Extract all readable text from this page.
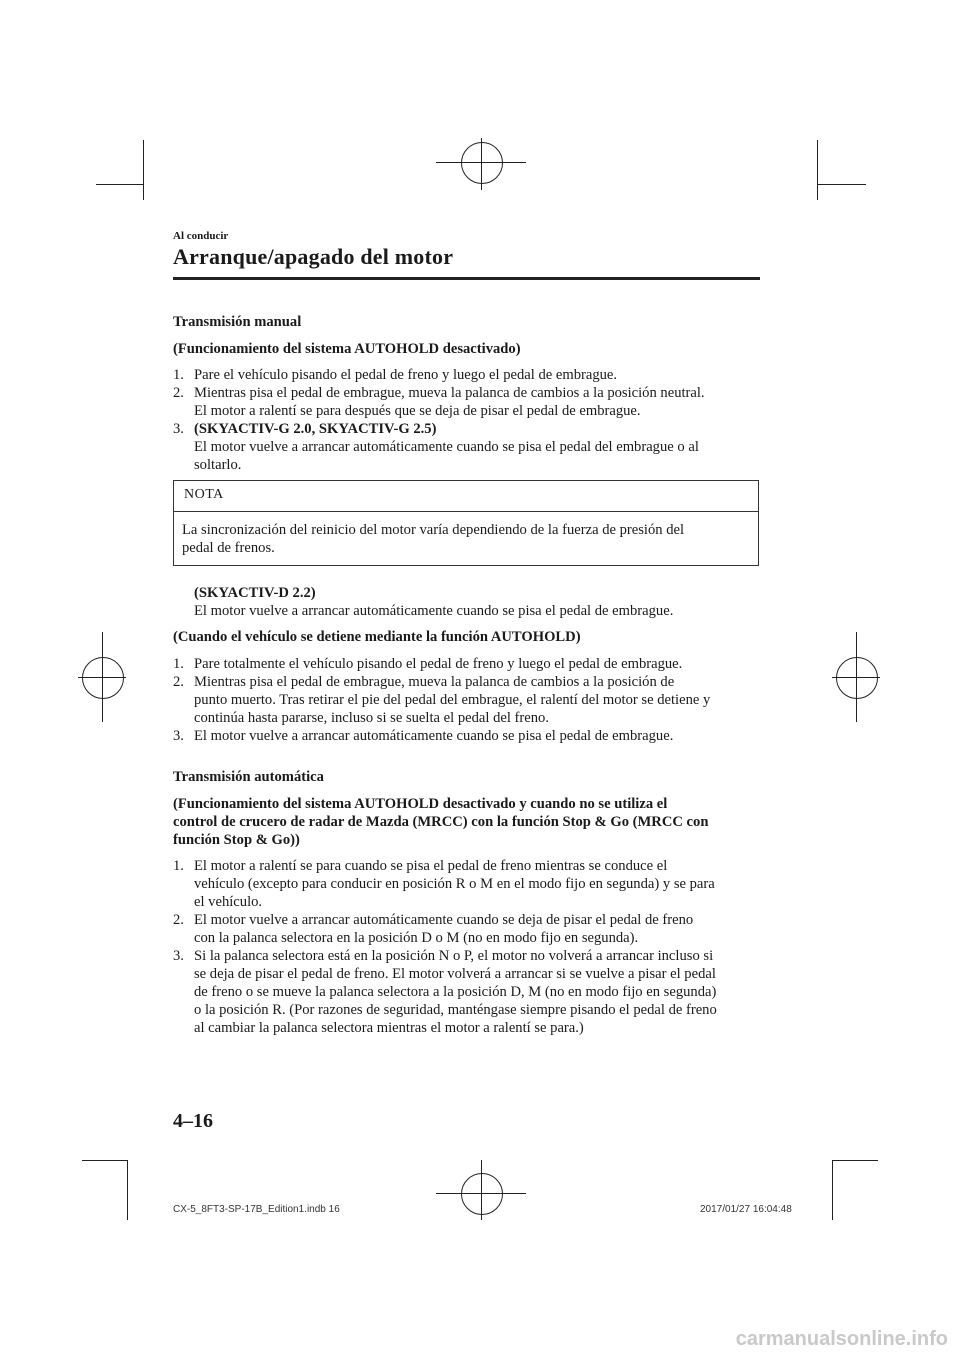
Al conducir
Arranque/apagado del motor
Transmisión manual
(Funcionamiento del sistema AUTOHOLD desactivado)
1. Pare el vehículo pisando el pedal de freno y luego el pedal de embrague.
2. Mientras pisa el pedal de embrague, mueva la palanca de cambios a la posición neutral.
El motor a ralentí se para después que se deja de pisar el pedal de embrague.
3. (SKYACTIV-G 2.0, SKYACTIV-G 2.5)
El motor vuelve a arrancar automáticamente cuando se pisa el pedal del embrague o al
soltarlo.
NOTA
La sincronización del reinicio del motor varía dependiendo de la fuerza de presión del
pedal de frenos.
(SKYACTIV-D 2.2)
El motor vuelve a arrancar automáticamente cuando se pisa el pedal de embrague.
(Cuando el vehículo se detiene mediante la función AUTOHOLD)
1. Pare totalmente el vehículo pisando el pedal de freno y luego el pedal de embrague.
2. Mientras pisa el pedal de embrague, mueva la palanca de cambios a la posición de
punto muerto. Tras retirar el pie del pedal del embrague, el ralentí del motor se detiene y
continúa hasta pararse, incluso si se suelta el pedal del freno.
3. El motor vuelve a arrancar automáticamente cuando se pisa el pedal de embrague.
Transmisión automática
(Funcionamiento del sistema AUTOHOLD desactivado y cuando no se utiliza el
control de crucero de radar de Mazda (MRCC) con la función Stop & Go (MRCC con
función Stop & Go))
1. El motor a ralentí se para cuando se pisa el pedal de freno mientras se conduce el
vehículo (excepto para conducir en posición R o M en el modo fijo en segunda) y se para
el vehículo.
2. El motor vuelve a arrancar automáticamente cuando se deja de pisar el pedal de freno
con la palanca selectora en la posición D o M (no en modo fijo en segunda).
3. Si la palanca selectora está en la posición N o P, el motor no volverá a arrancar incluso si
se deja de pisar el pedal de freno. El motor volverá a arrancar si se vuelve a pisar el pedal
de freno o se mueve la palanca selectora a la posición D, M (no en modo fijo en segunda)
o la posición R. (Por razones de seguridad, manténgase siempre pisando el pedal de freno
al cambiar la palanca selectora mientras el motor a ralentí se para.)
4–16
CX-5_8FT3-SP-17B_Edition1.indb 16	2017/01/27 16:04:48
carmanualsonline.info
